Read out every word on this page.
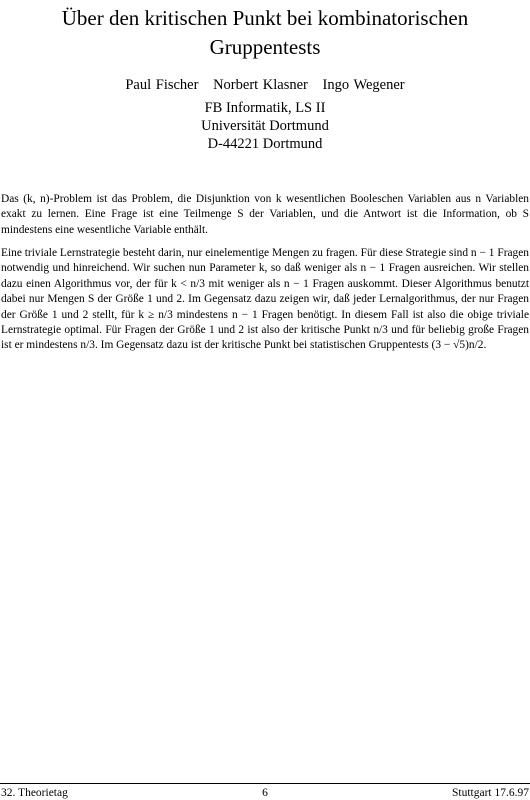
Über den kritischen Punkt bei kombinatorischen
Gruppentests
Paul Fischer Norbert Klasner Ingo Wegener
FB Informatik, LS II
Universität Dortmund
D-44221 Dortmund
Das (k, n)-Problem ist das Problem, die Disjunktion von k wesentlichen Booleschen Variablen aus n Variablen exakt zu lernen. Eine Frage ist eine Teilmenge S der Variablen, und die Antwort ist die Information, ob S mindestens eine wesentliche Variable enthält.
Eine triviale Lernstrategie besteht darin, nur einelementige Mengen zu fragen. Für diese Strategie sind n − 1 Fragen notwendig und hinreichend. Wir suchen nun Parameter k, so daß weniger als n − 1 Fragen ausreichen. Wir stellen dazu einen Algorithmus vor, der für k < n/3 mit weniger als n − 1 Fragen auskommt. Dieser Algorithmus benutzt dabei nur Mengen S der Größe 1 und 2. Im Gegensatz dazu zeigen wir, daß jeder Lernalgorithmus, der nur Fragen der Größe 1 und 2 stellt, für k ≥ n/3 mindestens n − 1 Fragen benötigt. In diesem Fall ist also die obige triviale Lernstrategie optimal. Für Fragen der Größe 1 und 2 ist also der kritische Punkt n/3 und für beliebig große Fragen ist er mindestens n/3. Im Gegensatz dazu ist der kritische Punkt bei statistischen Gruppentests (3 − √5)n/2.
32. Theorietag	6	Stuttgart 17.6.97
